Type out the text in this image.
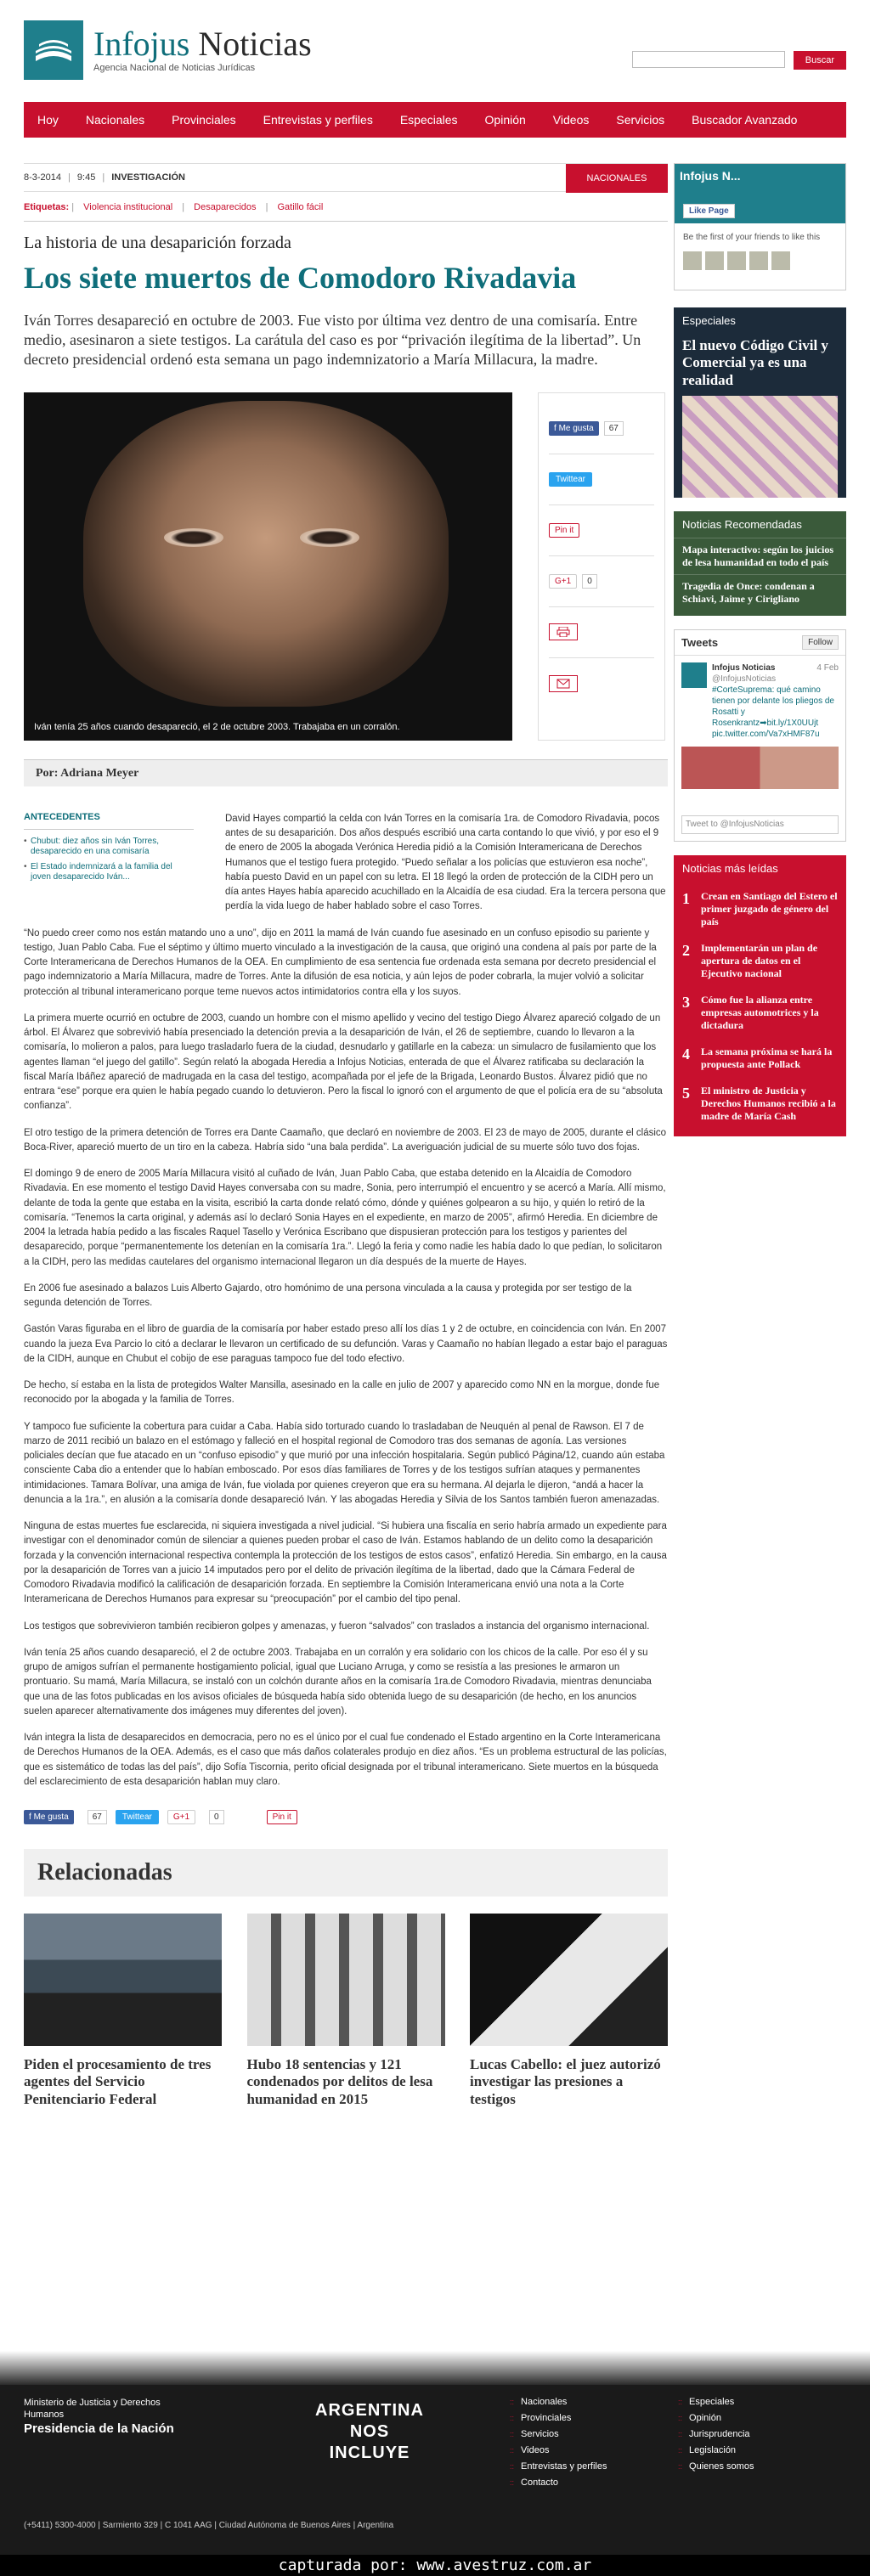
Infojus Noticias
Agencia Nacional de Noticias Jurídicas
Buscar
Hoy	Nacionales	Provinciales	Entrevistas y perfiles	Especiales	Opinión	Videos	Servicios	Buscador Avanzado
8-3-2014 | 9:45 | INVESTIGACIÓN	NACIONALES
Etiquetas: | Violencia institucional | Desaparecidos | Gatillo fácil
La historia de una desaparición forzada
Los siete muertos de Comodoro Rivadavia

Iván Torres desapareció en octubre de 2003. Fue visto por última vez dentro de una comisaría. Entre medio, asesinaron a siete testigos. La carátula del caso es por “privación ilegítima de la libertad”. Un decreto presidencial ordenó esta semana un pago indemnizatorio a María Millacura, la madre.

Iván tenía 25 años cuando desapareció, el 2 de octubre 2003. Trabajaba en un corralón.
f Me gusta	67
Twittear
Pin it
G+1	0
Por: Adriana Meyer
ANTECEDENTES
• Chubut: diez años sin Iván Torres, desaparecido en una comisaría
• El Estado indemnizará a la familia del joven desaparecido Iván...

David Hayes compartió la celda con Iván Torres en la comisaría 1ra. de Comodoro Rivadavia, pocos antes de su desaparición. Dos años después escribió una carta contando lo que vivió, y por eso el 9 de enero de 2005 la abogada Verónica Heredia pidió a la Comisión Interamericana de Derechos Humanos que el testigo fuera protegido. “Puedo señalar a los policías que estuvieron esa noche”, había puesto David en un papel con su letra. El 18 llegó la orden de protección de la CIDH pero un día antes Hayes había aparecido acuchillado en la Alcaidía de esa ciudad. Era la tercera persona que perdía la vida luego de haber hablado sobre el caso Torres.

“No puedo creer como nos están matando uno a uno”, dijo en 2011 la mamá de Iván cuando fue asesinado en un confuso episodio su pariente y testigo, Juan Pablo Caba. Fue el séptimo y último muerto vinculado a la investigación de la causa, que originó una condena al país por parte de la Corte Interamericana de Derechos Humanos de la OEA. En cumplimiento de esa sentencia fue ordenada esta semana por decreto presidencial el pago indemnizatorio a María Millacura, madre de Torres. Ante la difusión de esa noticia, y aún lejos de poder cobrarla, la mujer volvió a solicitar protección al tribunal interamericano porque teme nuevos actos intimidatorios contra ella y los suyos.

La primera muerte ocurrió en octubre de 2003, cuando un hombre con el mismo apellido y vecino del testigo Diego Álvarez apareció colgado de un árbol. El Álvarez que sobrevivió había presenciado la detención previa a la desaparición de Iván, el 26 de septiembre, cuando lo llevaron a la comisaría, lo molieron a palos, para luego trasladarlo fuera de la ciudad, desnudarlo y gatillarle en la cabeza: un simulacro de fusilamiento que los agentes llaman “el juego del gatillo”. Según relató la abogada Heredia a Infojus Noticias, enterada de que el Álvarez ratificaba su declaración la fiscal María Ibáñez apareció de madrugada en la casa del testigo, acompañada por el jefe de la Brigada, Leonardo Bustos. Álvarez pidió que no entrara “ese” porque era quien le había pegado cuando lo detuvieron. Pero la fiscal lo ignoró con el argumento de que el policía era de su “absoluta confianza”.

El otro testigo de la primera detención de Torres era Dante Caamaño, que declaró en noviembre de 2003. El 23 de mayo de 2005, durante el clásico Boca-River, apareció muerto de un tiro en la cabeza. Habría sido “una bala perdida”. La averiguación judicial de su muerte sólo tuvo dos fojas.

El domingo 9 de enero de 2005 María Millacura visitó al cuñado de Iván, Juan Pablo Caba, que estaba detenido en la Alcaidía de Comodoro Rivadavia. En ese momento el testigo David Hayes conversaba con su madre, Sonia, pero interrumpió el encuentro y se acercó a María. Allí mismo, delante de toda la gente que estaba en la visita, escribió la carta donde relató cómo, dónde y quiénes golpearon a su hijo, y quién lo retiró de la comisaría. “Tenemos la carta original, y además así lo declaró Sonia Hayes en el expediente, en marzo de 2005”, afirmó Heredia. En diciembre de 2004 la letrada había pedido a las fiscales Raquel Tasello y Verónica Escribano que dispusieran protección para los testigos y parientes del desaparecido, porque “permanentemente los detenían en la comisaría 1ra.”. Llegó la feria y como nadie les había dado lo que pedían, lo solicitaron a la CIDH, pero las medidas cautelares del organismo internacional llegaron un día después de la muerte de Hayes.

En 2006 fue asesinado a balazos Luis Alberto Gajardo, otro homónimo de una persona vinculada a la causa y protegida por ser testigo de la segunda detención de Torres.

Gastón Varas figuraba en el libro de guardia de la comisaría por haber estado preso allí los días 1 y 2 de octubre, en coincidencia con Iván. En 2007 cuando la jueza Eva Parcio lo citó a declarar le llevaron un certificado de su defunción. Varas y Caamaño no habían llegado a estar bajo el paraguas de la CIDH, aunque en Chubut el cobijo de ese paraguas tampoco fue del todo efectivo.

De hecho, sí estaba en la lista de protegidos Walter Mansilla, asesinado en la calle en julio de 2007 y aparecido como NN en la morgue, donde fue reconocido por la abogada y la familia de Torres.

Y tampoco fue suficiente la cobertura para cuidar a Caba. Había sido torturado cuando lo trasladaban de Neuquén al penal de Rawson. El 7 de marzo de 2011 recibió un balazo en el estómago y falleció en el hospital regional de Comodoro tras dos semanas de agonía. Las versiones policiales decían que fue atacado en un “confuso episodio” y que murió por una infección hospitalaria. Según publicó Página/12, cuando aún estaba consciente Caba dio a entender que lo habían emboscado. Por esos días familiares de Torres y de los testigos sufrían ataques y permanentes intimidaciones. Tamara Bolívar, una amiga de Iván, fue violada por quienes creyeron que era su hermana. Al dejarla le dijeron, “andá a hacer la denuncia a la 1ra.”, en alusión a la comisaría donde desapareció Iván. Y las abogadas Heredia y Silvia de los Santos también fueron amenazadas.

Ninguna de estas muertes fue esclarecida, ni siquiera investigada a nivel judicial. “Si hubiera una fiscalía en serio habría armado un expediente para investigar con el denominador común de silenciar a quienes pueden probar el caso de Iván. Estamos hablando de un delito como la desaparición forzada y la convención internacional respectiva contempla la protección de los testigos de estos casos”, enfatizó Heredia. Sin embargo, en la causa por la desaparición de Torres van a juicio 14 imputados pero por el delito de privación ilegítima de la libertad, dado que la Cámara Federal de Comodoro Rivadavia modificó la calificación de desaparición forzada. En septiembre la Comisión Interamericana envió una nota a la Corte Interamericana de Derechos Humanos para expresar su “preocupación” por el cambio del tipo penal.

Los testigos que sobrevivieron también recibieron golpes y amenazas, y fueron “salvados” con traslados a instancia del organismo internacional.

Iván tenía 25 años cuando desapareció, el 2 de octubre 2003. Trabajaba en un corralón y era solidario con los chicos de la calle. Por eso él y su grupo de amigos sufrían el permanente hostigamiento policial, igual que Luciano Arruga, y como se resistía a las presiones le armaron un prontuario. Su mamá, María Millacura, se instaló con un colchón durante años en la comisaría 1ra.de Comodoro Rivadavia, mientras denunciaba que una de las fotos publicadas en los avisos oficiales de búsqueda había sido obtenida luego de su desaparición (de hecho, en los anuncios suelen aparecer alternativamente dos imágenes muy diferentes del joven).

Iván integra la lista de desaparecidos en democracia, pero no es el único por el cual fue condenado el Estado argentino en la Corte Interamericana de Derechos Humanos de la OEA. Además, es el caso que más daños colaterales produjo en diez años. “Es un problema estructural de las policías, que es sistemático de todas las del país”, dijo Sofía Tiscornia, perito oficial designada por el tribunal interamericano. Siete muertos en la búsqueda del esclarecimiento de esta desaparición hablan muy claro.

f Me gusta	67	Twittear	G+1	0	Pin it
Relacionadas
Piden el procesamiento de tres agentes del Servicio Penitenciario Federal
Hubo 18 sentencias y 121 condenados por delitos de lesa humanidad en 2015
Lucas Cabello: el juez autorizó investigar las presiones a testigos
Infojus N...
Like Page
Be the first of your friends to like this
Especiales
El nuevo Código Civil y Comercial ya es una realidad
Noticias Recomendadas
Mapa interactivo: según los juicios de lesa humanidad en todo el país
Tragedia de Once: condenan a Schiavi, Jaime y Cirigliano
Tweets	Follow
Infojus Noticias	4 Feb

@InfojusNoticias
#CorteSuprema: qué camino tienen por delante los pliegos de Rosatti y Rosenkrantz➡bit.ly/1X0UUjt pic.twitter.com/Va7xHMF87u
Tweet to @InfojusNoticias
Noticias más leídas
1	Crean en Santiago del Estero el primer juzgado de género del país
2	Implementarán un plan de apertura de datos en el Ejecutivo nacional
3	Cómo fue la alianza entre empresas automotrices y la dictadura
4	La semana próxima se hará la propuesta ante Pollack
5	El ministro de Justicia y Derechos Humanos recibió a la madre de María Cash
Ministerio de Justicia y Derechos Humanos
Presidencia de la Nación
ARGENTINA NOS INCLUYE
:: Nacionales
:: Provinciales
:: Servicios
:: Videos
:: Entrevistas y perfiles
:: Contacto
:: Especiales
:: Opinión
:: Jurisprudencia
:: Legislación
:: Quienes somos
(+5411) 5300-4000 | Sarmiento 329 | C 1041 AAG | Ciudad Autónoma de Buenos Aires | Argentina
capturada por: www.avestruz.com.ar
